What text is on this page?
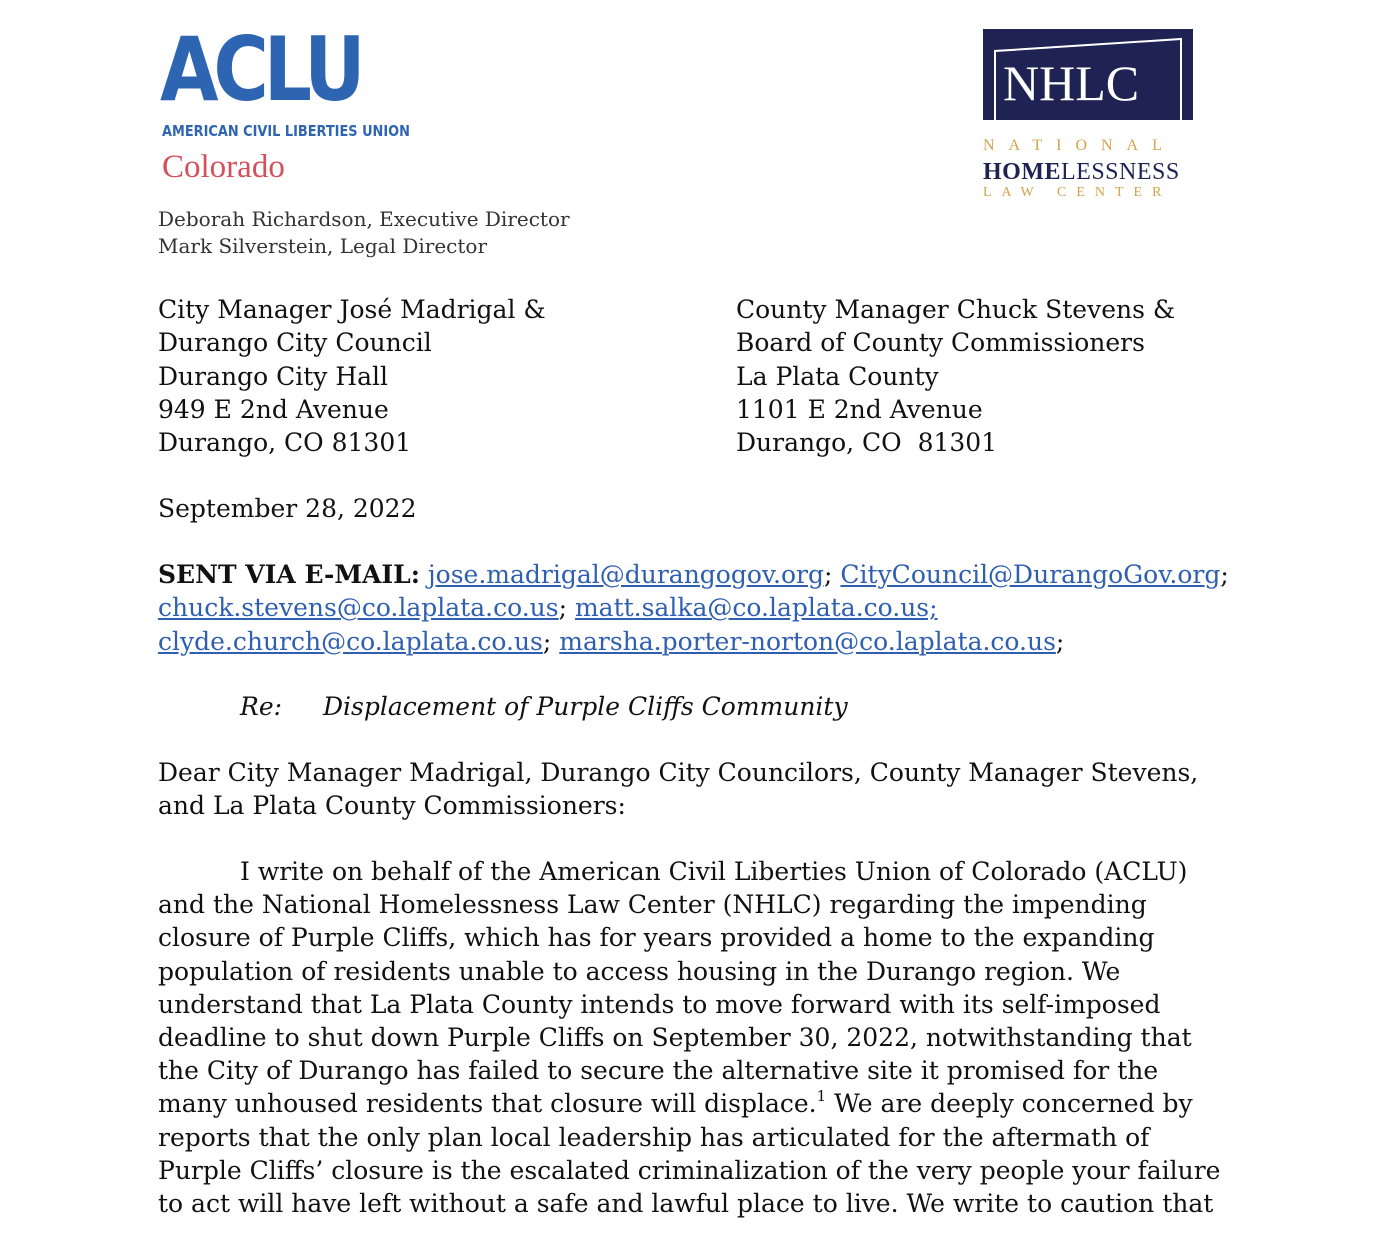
ACLU
AMERICAN CIVIL LIBERTIES UNION
Colorado
NHLC
NATIONAL
HOMELESSNESS
LAW CENTER
Deborah Richardson, Executive Director
Mark Silverstein, Legal Director
City Manager José Madrigal &
Durango City Council
Durango City Hall
949 E 2nd Avenue
Durango, CO 81301
County Manager Chuck Stevens &
Board of County Commissioners
La Plata County
1101 E 2nd Avenue
Durango, CO  81301
September 28, 2022
SENT VIA E-MAIL: jose.madrigal@durangogov.org; CityCouncil@DurangoGov.org;
chuck.stevens@co.laplata.co.us; matt.salka@co.laplata.co.us;
clyde.church@co.laplata.co.us; marsha.porter-norton@co.laplata.co.us;
Re: Displacement of Purple Cliffs Community
Dear City Manager Madrigal, Durango City Councilors, County Manager Stevens,
and La Plata County Commissioners:
I write on behalf of the American Civil Liberties Union of Colorado (ACLU)
and the National Homelessness Law Center (NHLC) regarding the impending
closure of Purple Cliffs, which has for years provided a home to the expanding
population of residents unable to access housing in the Durango region. We
understand that La Plata County intends to move forward with its self-imposed
deadline to shut down Purple Cliffs on September 30, 2022, notwithstanding that
the City of Durango has failed to secure the alternative site it promised for the
many unhoused residents that closure will displace.$^1$ We are deeply concerned by
reports that the only plan local leadership has articulated for the aftermath of
Purple Cliffs’ closure is the escalated criminalization of the very people your failure
to act will have left without a safe and lawful place to live. We write to caution that
